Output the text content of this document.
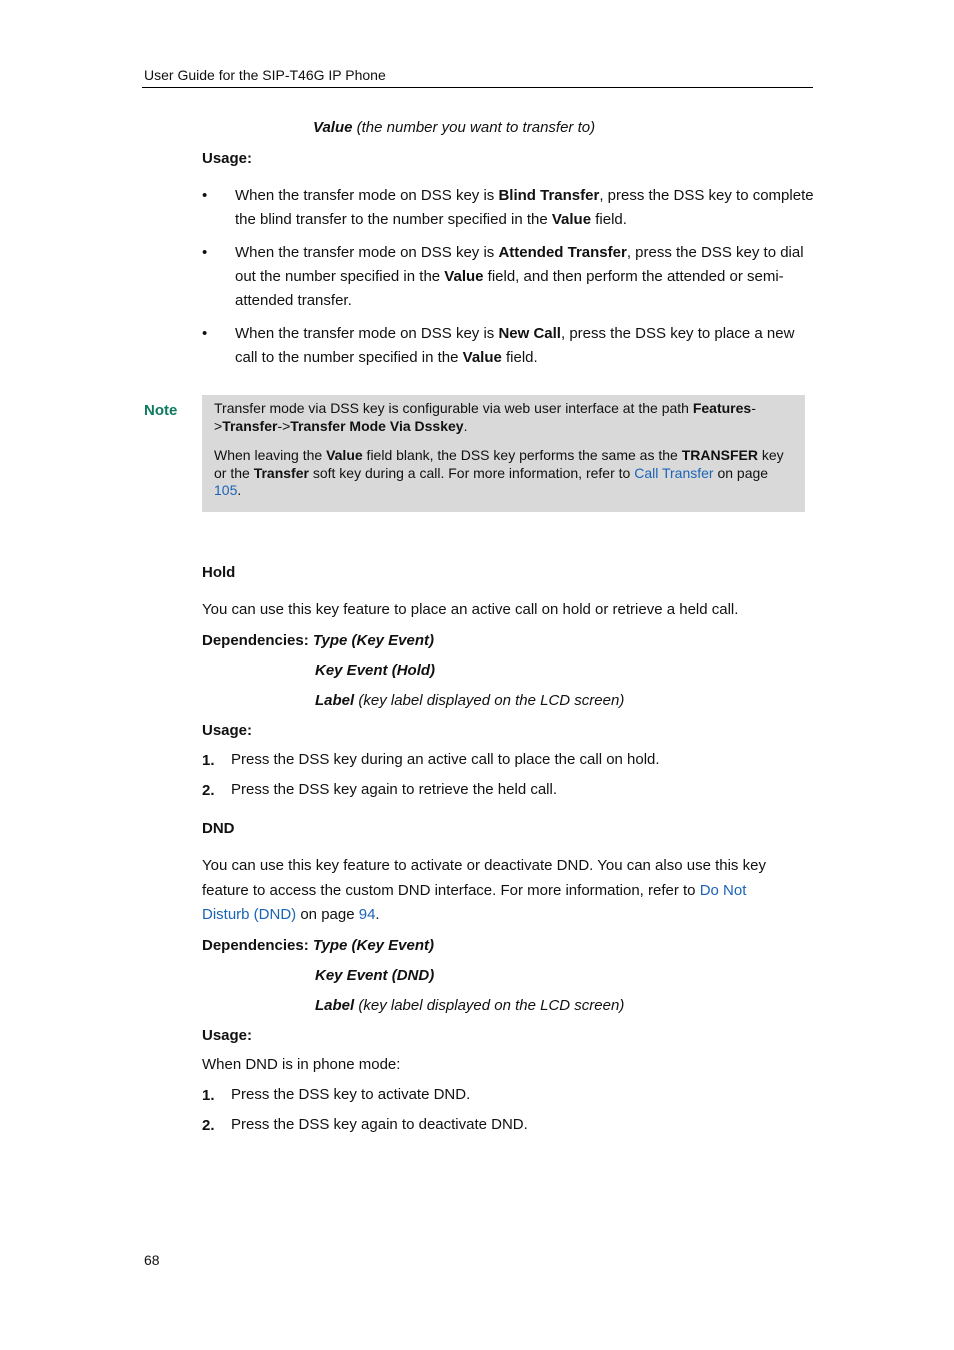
User Guide for the SIP-T46G IP Phone
Value (the number you want to transfer to)
Usage:
• When the transfer mode on DSS key is Blind Transfer, press the DSS key to complete the blind transfer to the number specified in the Value field.
• When the transfer mode on DSS key is Attended Transfer, press the DSS key to dial out the number specified in the Value field, and then perform the attended or semi-attended transfer.
• When the transfer mode on DSS key is New Call, press the DSS key to place a new call to the number specified in the Value field.
Note	Transfer mode via DSS key is configurable via web user interface at the path Features->Transfer->Transfer Mode Via Dsskey.

When leaving the Value field blank, the DSS key performs the same as the TRANSFER key or the Transfer soft key during a call. For more information, refer to Call Transfer on page 105.

Hold
You can use this key feature to place an active call on hold or retrieve a held call.
Dependencies: Type (Key Event)
Key Event (Hold)
Label (key label displayed on the LCD screen)
Usage:
1. Press the DSS key during an active call to place the call on hold.
2. Press the DSS key again to retrieve the held call.
DND
You can use this key feature to activate or deactivate DND. You can also use this key feature to access the custom DND interface. For more information, refer to Do Not Disturb (DND) on page 94.
Dependencies: Type (Key Event)
Key Event (DND)
Label (key label displayed on the LCD screen)
Usage:
When DND is in phone mode:
1. Press the DSS key to activate DND.
2. Press the DSS key again to deactivate DND.
68
